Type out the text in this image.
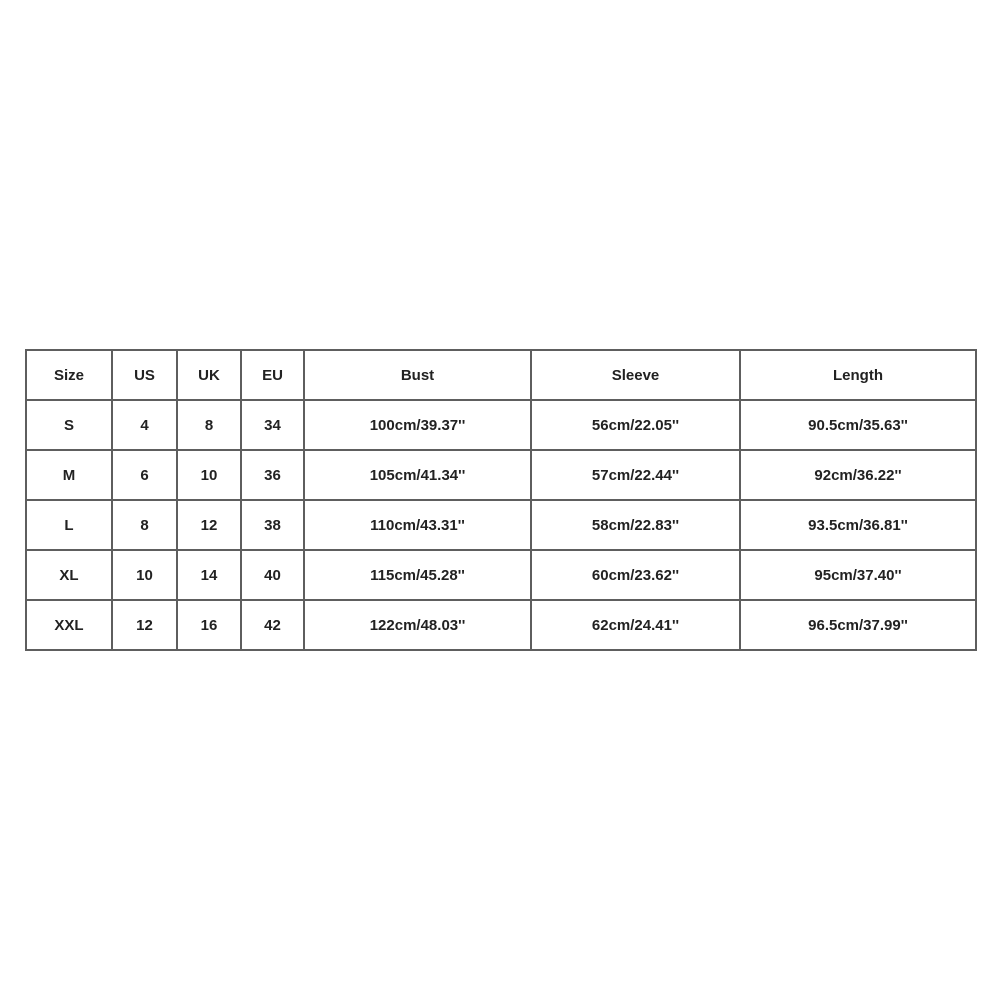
Size	US	UK	EU	Bust	Sleeve	Length
S	4	8	34	100cm/39.37''	56cm/22.05''	90.5cm/35.63''
M	6	10	36	105cm/41.34''	57cm/22.44''	92cm/36.22''
L	8	12	38	110cm/43.31''	58cm/22.83''	93.5cm/36.81''
XL	10	14	40	115cm/45.28''	60cm/23.62''	95cm/37.40''
XXL	12	16	42	122cm/48.03''	62cm/24.41''	96.5cm/37.99''
